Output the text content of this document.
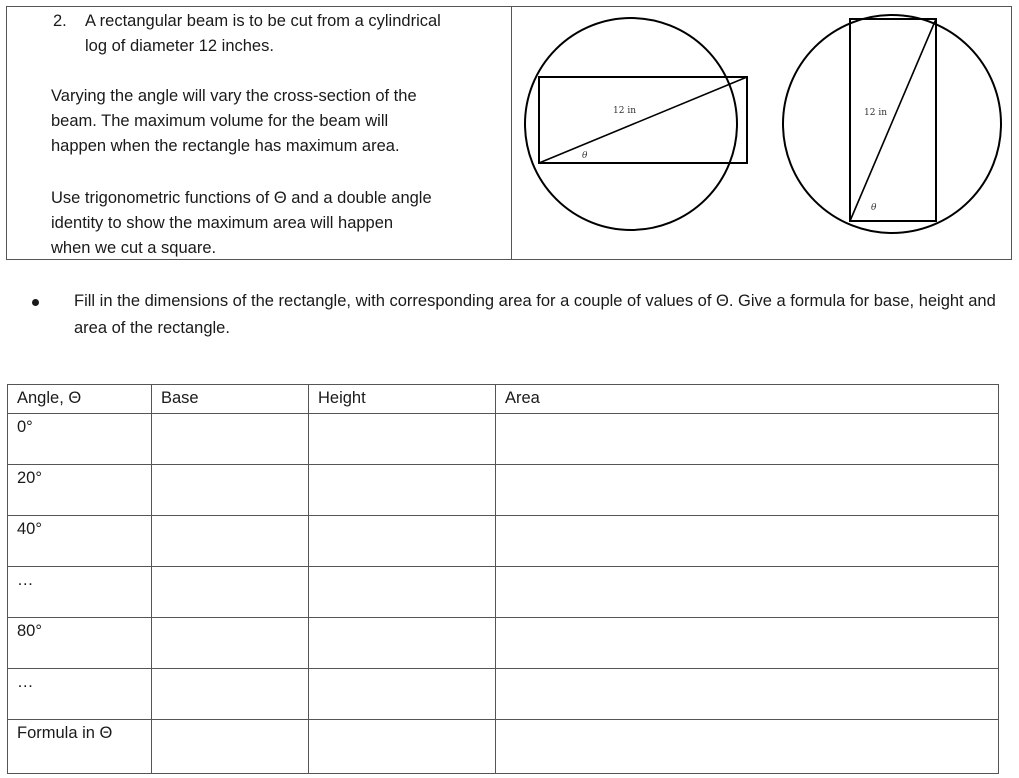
2. A rectangular beam is to be cut from a cylindrical
log of diameter 12 inches.
Varying the angle will vary the cross-section of the
beam. The maximum volume for the beam will
happen when the rectangle has maximum area.
Use trigonometric functions of Θ and a double angle
identity to show the maximum area will happen
when we cut a square.
12 in
θ
12 in
θ
Fill in the dimensions of the rectangle, with corresponding area for a couple of values of Θ. Give a formula for base, height and area of the rectangle.
Angle, Θ	Base	Height	Area
0°			
20°			
40°			
…			
80°			
…			
Formula in Θ			
